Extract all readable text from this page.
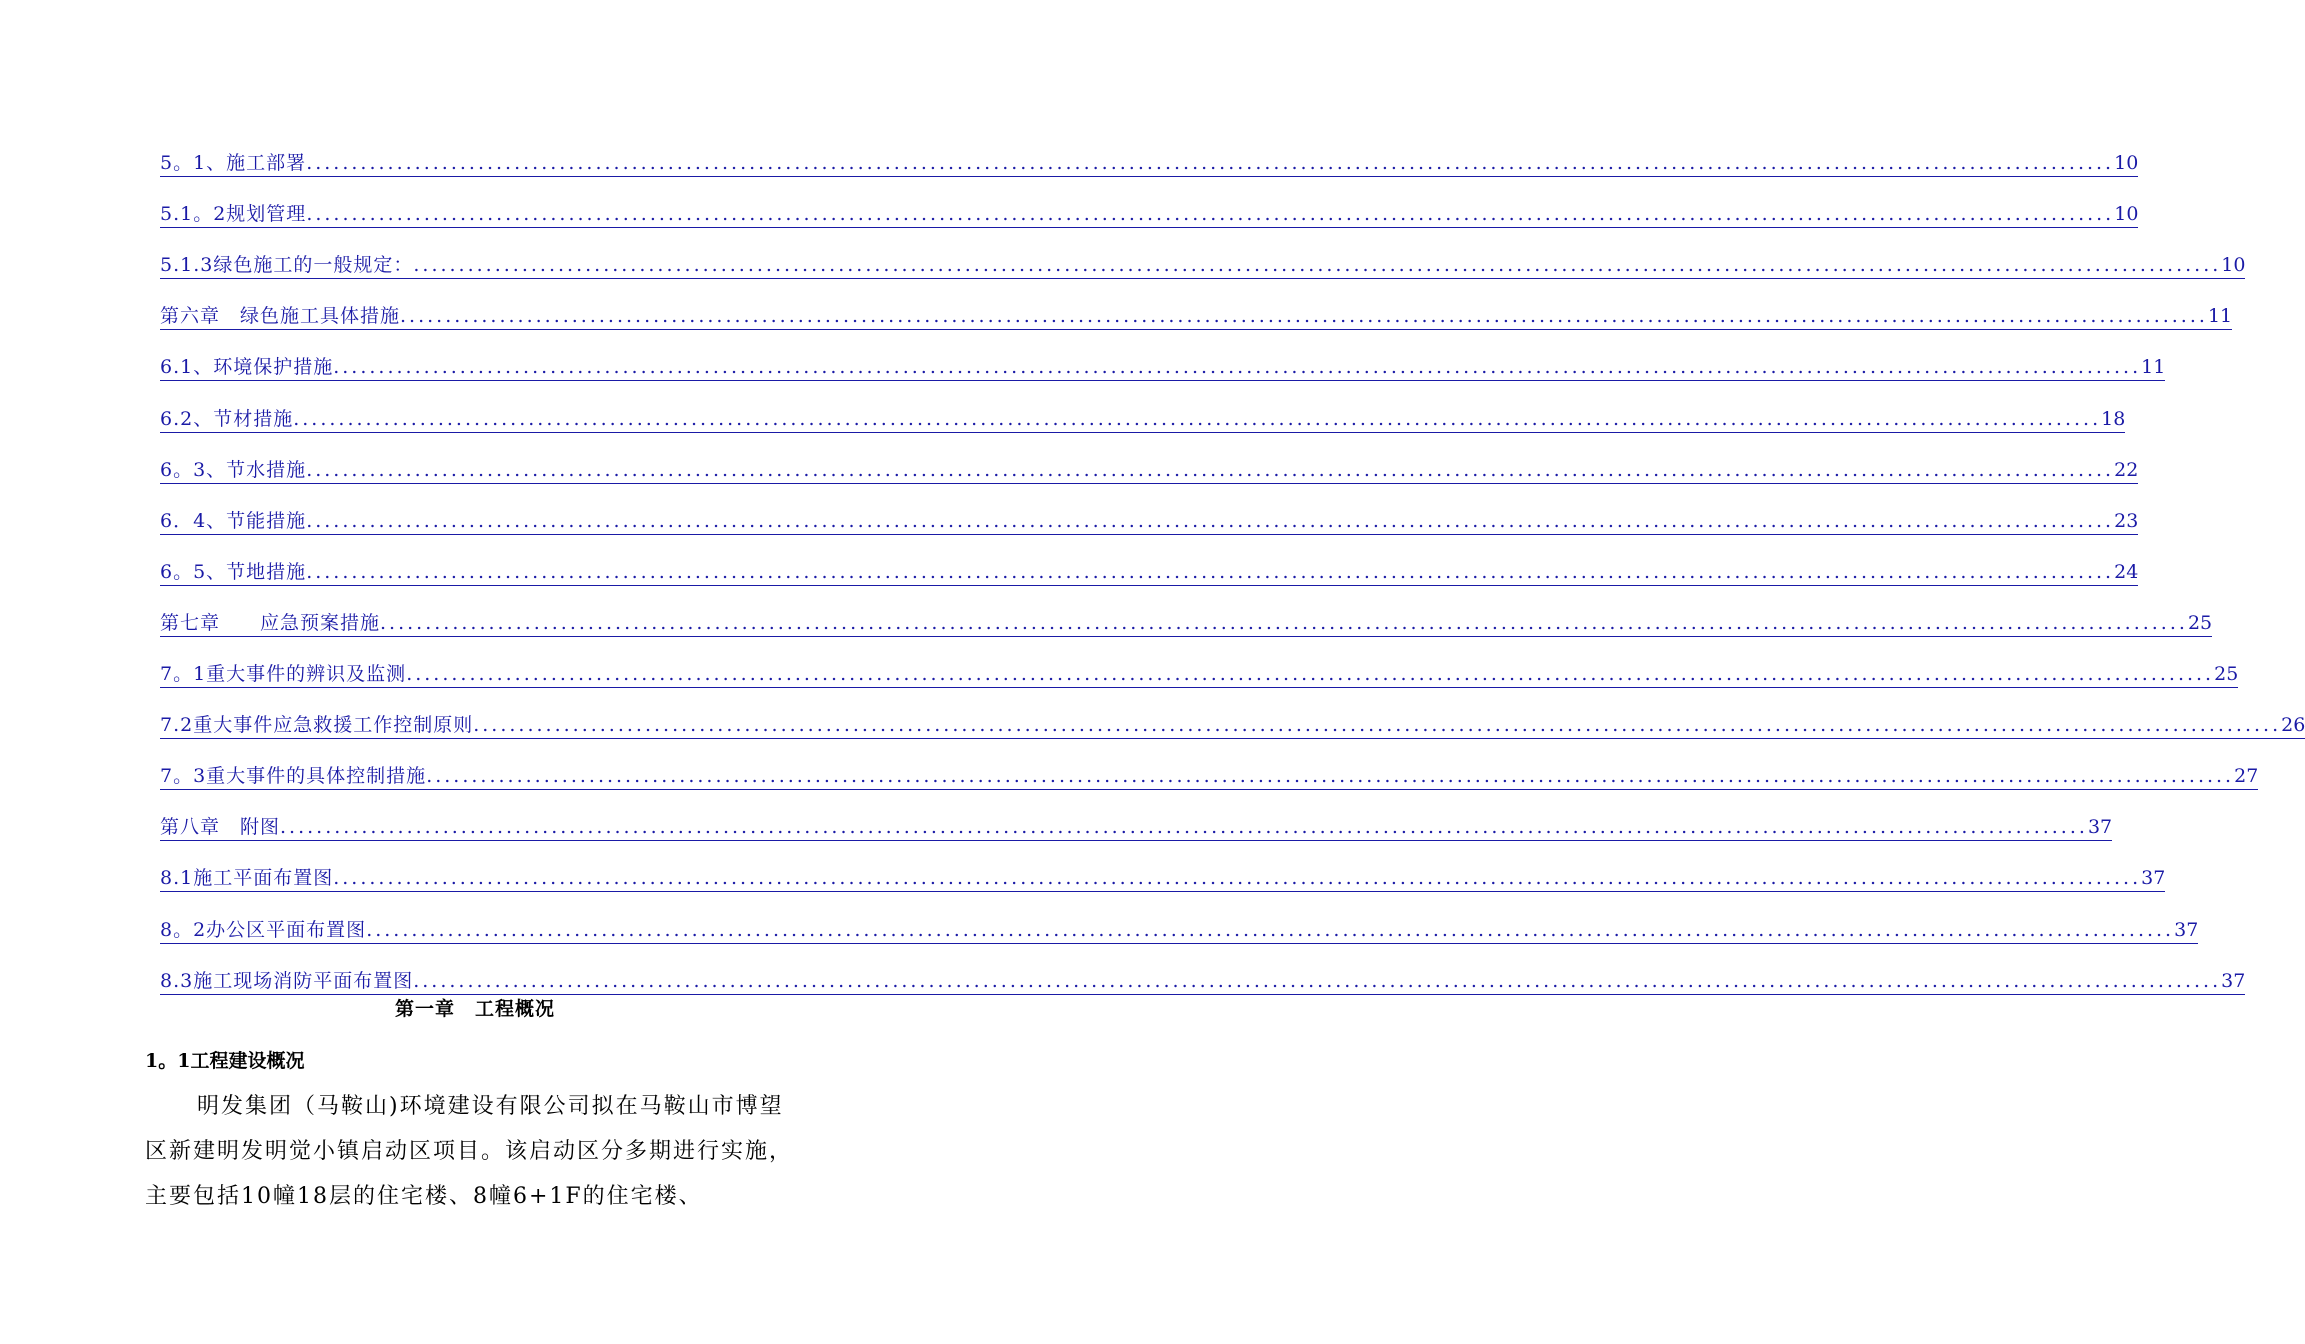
5。1、施工部署 ........................................................................................................................................................................................................ 10
5.1。2规划管理 ........................................................................................................................................................................................................ 10
5.1.3绿色施工的一般规定： ........................................................................................................................................................................................................ 10
第六章　绿色施工具体措施 ........................................................................................................................................................................................................ 11
6.1、环境保护措施 ........................................................................................................................................................................................................ 11
6.2、节材措施 ........................................................................................................................................................................................................ 18
6。3、节水措施 ........................................................................................................................................................................................................ 22
6．4、节能措施 ........................................................................................................................................................................................................ 23
6。5、节地措施 ........................................................................................................................................................................................................ 24
第七章　　应急预案措施 ........................................................................................................................................................................................................ 25
7。1重大事件的辨识及监测 ........................................................................................................................................................................................................ 25
7.2重大事件应急救援工作控制原则 ........................................................................................................................................................................................................ 26
7。3重大事件的具体控制措施 ........................................................................................................................................................................................................ 27
第八章　附图 ........................................................................................................................................................................................................ 37
8.1施工平面布置图 ........................................................................................................................................................................................................ 37
8。2办公区平面布置图 ........................................................................................................................................................................................................ 37
8.3施工现场消防平面布置图 ........................................................................................................................................................................................................ 37
第一章　工程概况
1。1工程建设概况
明发集团（马鞍山)环境建设有限公司拟在马鞍山市博望区新建明发明觉小镇启动区项目。该启动区分多期进行实施，主要包括10幢18层的住宅楼、8幢6+1F的住宅楼、
